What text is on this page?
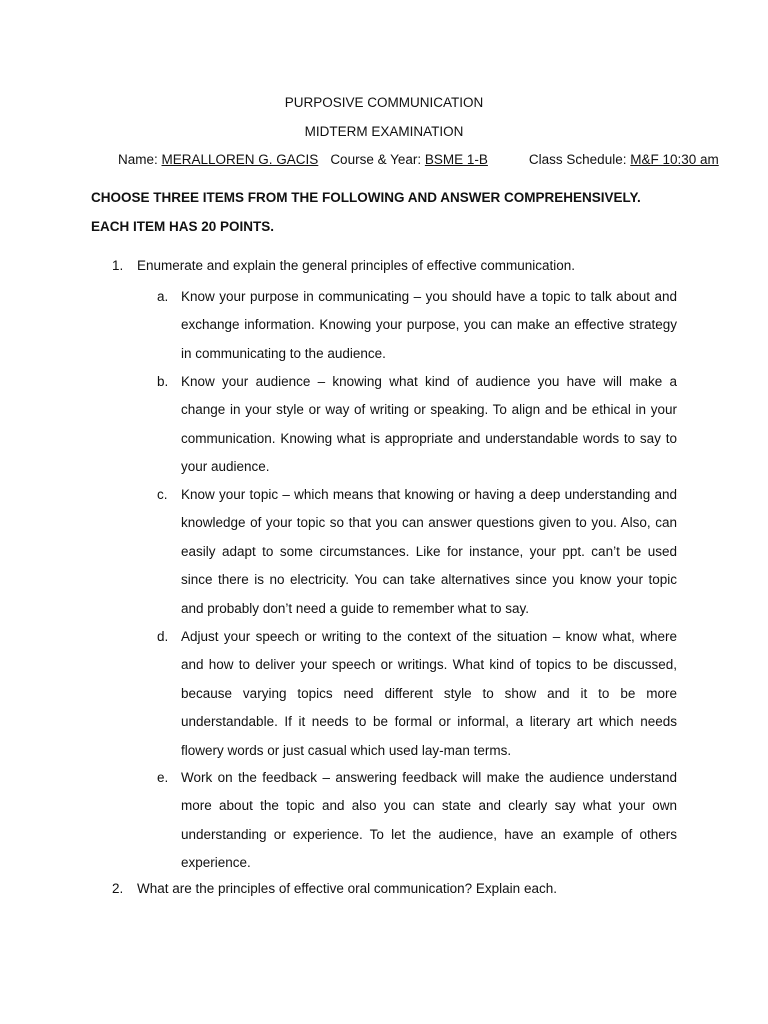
PURPOSIVE COMMUNICATION
MIDTERM EXAMINATION
Name: MERALLOREN G. GACIS Course & Year: BSME 1-B	Class Schedule: M&F 10:30 am
CHOOSE THREE ITEMS FROM THE FOLLOWING AND ANSWER COMPREHENSIVELY. EACH ITEM HAS 20 POINTS.
1. Enumerate and explain the general principles of effective communication.
a. Know your purpose in communicating – you should have a topic to talk about and exchange information. Knowing your purpose, you can make an effective strategy in communicating to the audience.
b. Know your audience – knowing what kind of audience you have will make a change in your style or way of writing or speaking. To align and be ethical in your communication. Knowing what is appropriate and understandable words to say to your audience.
c. Know your topic – which means that knowing or having a deep understanding and knowledge of your topic so that you can answer questions given to you. Also, can easily adapt to some circumstances. Like for instance, your ppt. can’t be used since there is no electricity. You can take alternatives since you know your topic and probably don’t need a guide to remember what to say.
d. Adjust your speech or writing to the context of the situation – know what, where and how to deliver your speech or writings. What kind of topics to be discussed, because varying topics need different style to show and it to be more understandable. If it needs to be formal or informal, a literary art which needs flowery words or just casual which used lay-man terms.
e. Work on the feedback – answering feedback will make the audience understand more about the topic and also you can state and clearly say what your own understanding or experience. To let the audience, have an example of others experience.
2. What are the principles of effective oral communication? Explain each.
